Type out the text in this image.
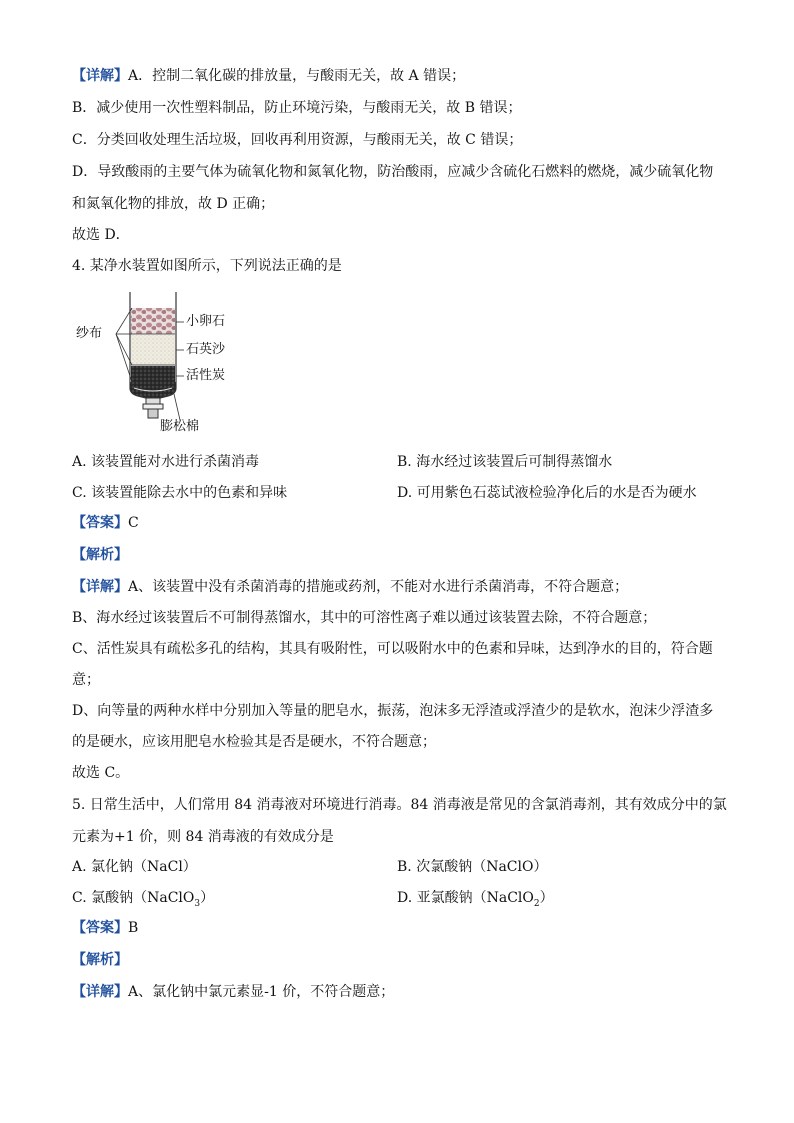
【详解】A．控制二氧化碳的排放量，与酸雨无关，故 A 错误；
B．减少使用一次性塑料制品，防止环境污染，与酸雨无关，故 B 错误；
C．分类回收处理生活垃圾，回收再利用资源，与酸雨无关，故 C 错误；
D．导致酸雨的主要气体为硫氧化物和氮氧化物，防治酸雨，应减少含硫化石燃料的燃烧，减少硫氧化物
和氮氧化物的排放，故 D 正确；
故选 D．
4. 某净水装置如图所示，下列说法正确的是
纱布
小卵石
石英沙
活性炭
膨松棉
A. 该装置能对水进行杀菌消毒	B. 海水经过该装置后可制得蒸馏水
C. 该装置能除去水中的色素和异味	D. 可用紫色石蕊试液检验净化后的水是否为硬水
【答案】C
【解析】
【详解】A、该装置中没有杀菌消毒的措施或药剂，不能对水进行杀菌消毒，不符合题意；
B、海水经过该装置后不可制得蒸馏水，其中的可溶性离子难以通过该装置去除，不符合题意；
C、活性炭具有疏松多孔的结构，其具有吸附性，可以吸附水中的色素和异味，达到净水的目的，符合题
意；
D、向等量的两种水样中分别加入等量的肥皂水，振荡，泡沫多无浮渣或浮渣少的是软水，泡沫少浮渣多
的是硬水，应该用肥皂水检验其是否是硬水，不符合题意；
故选 C。
5. 日常生活中，人们常用 84 消毒液对环境进行消毒。84 消毒液是常见的含氯消毒剂，其有效成分中的氯
元素为+1 价，则 84 消毒液的有效成分是
A. 氯化钠（NaCl）	B. 次氯酸钠（NaClO）
C. 氯酸钠（NaClO$_3$）	D. 亚氯酸钠（NaClO$_2$）
【答案】B
【解析】
【详解】A、氯化钠中氯元素显-1 价，不符合题意；
